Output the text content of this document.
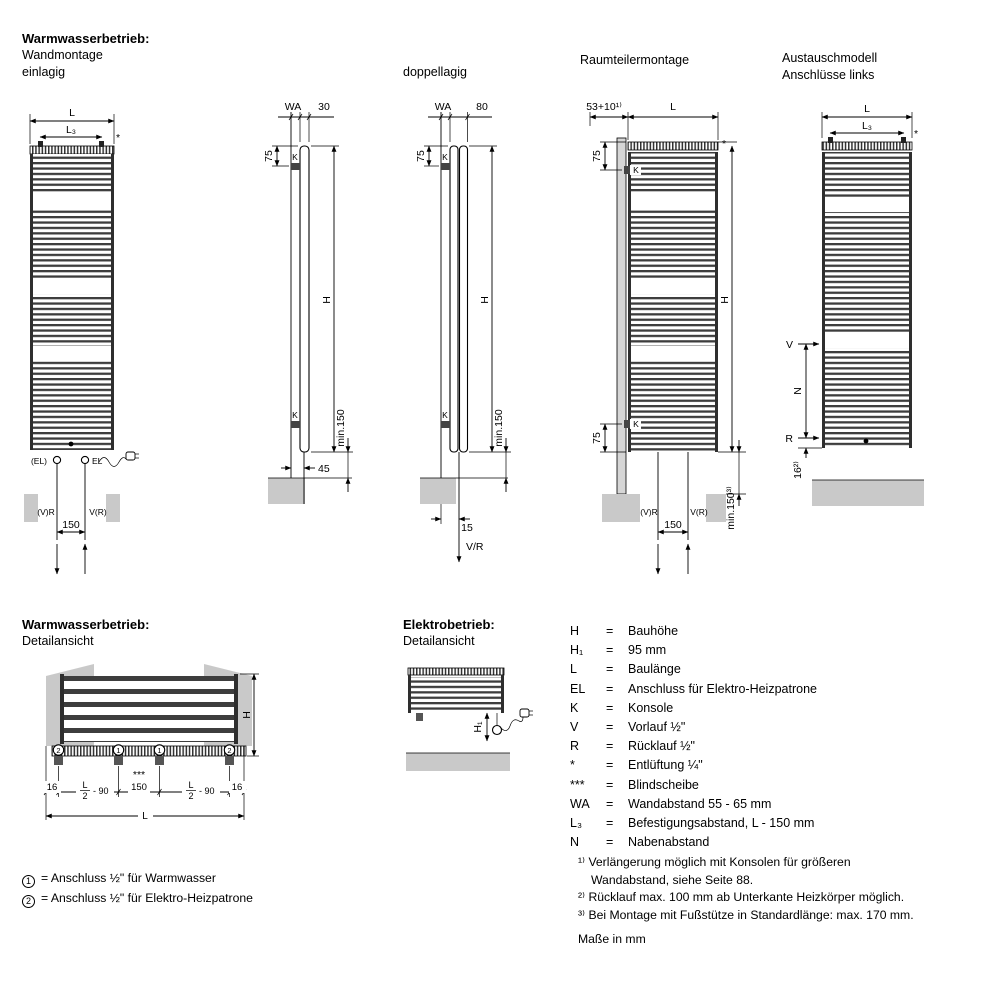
Warmwasserbetrieb:
Wandmontage
einlagig	doppellagig
Raumteilermontage	Austauschmodell
Anschlüsse links
Warmwasserbetrieb:
Detailansicht
Elektrobetrieb:
Detailansicht
H	=	Bauhöhe
H₁	=	95 mm
L	=	Baulänge
EL	=	Anschluss für Elektro-Heizpatrone
K	=	Konsole
V	=	Vorlauf ½"
R	=	Rücklauf ½"
*	=	Entlüftung ¼"
***	=	Blindscheibe
WA	=	Wandabstand 55 - 65 mm
L₃	=	Befestigungsabstand, L - 150 mm
N	=	Nabenabstand
¹⁾ Verlängerung möglich mit Konsolen für größeren
Wandabstand, siehe Seite 88.
²⁾ Rücklauf max. 100 mm ab Unterkante Heizkörper möglich.
³⁾ Bei Montage mit Fußstütze in Standardlänge: max. 170 mm.
Maße in mm
1 = Anschluss ½" für Warmwasser
2 = Anschluss ½" für Elektro-Heizpatrone
L
L₃
*
(V)R	V(R)
(EL)	EL
150
K
K
WA 30
75
H
min.150
45
K
K
WA 80
75
H
min.150
15
V/R
53+10¹⁾	L
K
K
75
75
*
H
(V)R	V(R)
150	min.150³⁾
L
L₃
*
V
N
R
16²⁾
H
2	1	1	2
***
16	L
2 - 90 150	L
2 - 90 16
L
H₁
